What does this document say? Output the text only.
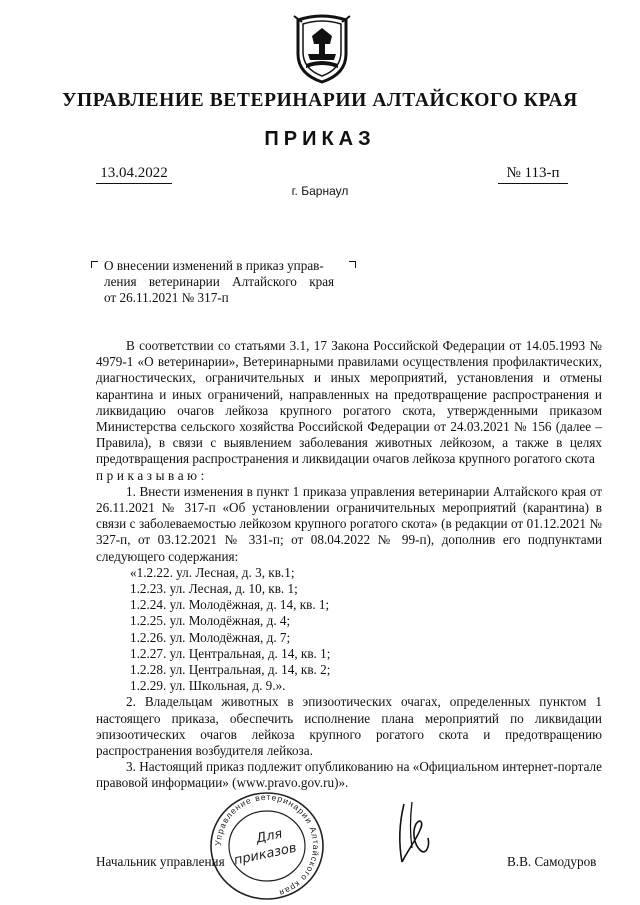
УПРАВЛЕНИЕ ВЕТЕРИНАРИИ АЛТАЙСКОГО КРАЯ
ПРИКАЗ
13.04.2022	№ 113-п
г. Барнаул
О внесении изменений в приказ управ-
ления ветеринарии Алтайского края
от 26.11.2021 № 317-п

В соответствии со статьями 3.1, 17 Закона Российской Федерации от 14.05.1993 № 4979-1 «О ветеринарии», Ветеринарными правилами осуществления профилактических, диагностических, ограничительных и иных мероприятий, установления и отмены карантина и иных ограничений, направленных на предотвращение распространения и ликвидацию очагов лейкоза крупного рогатого скота, утвержденными приказом Министерства сельского хозяйства Российской Федерации от 24.03.2021 № 156 (далее – Правила), в связи с выявлением заболевания животных лейкозом, а также в целях предотвращения распространения и ликвидации очагов лейкоза крупного рогатого скота

приказываю:

1. Внести изменения в пункт 1 приказа управления ветеринарии Алтайского края от 26.11.2021 № 317-п «Об установлении ограничительных мероприятий (карантина) в связи с заболеваемостью лейкозом крупного рогатого скота» (в редакции от 01.12.2021 № 327-п, от 03.12.2021 № 331-п; от 08.04.2022 № 99-п), дополнив его подпунктами следующего содержания:

«1.2.22. ул. Лесная, д. 3, кв.1;
1.2.23. ул. Лесная, д. 10, кв. 1;
1.2.24. ул. Молодёжная, д. 14, кв. 1;
1.2.25. ул. Молодёжная, д. 4;
1.2.26. ул. Молодёжная, д. 7;
1.2.27. ул. Центральная, д. 14, кв. 1;
1.2.28. ул. Центральная, д. 14, кв. 2;
1.2.29. ул. Школьная, д. 9.».

2. Владельцам животных в эпизоотических очагах, определенных пунктом 1 настоящего приказа, обеспечить исполнение плана мероприятий по ликвидации эпизоотических очагов лейкоза крупного рогатого скота и предотвращению распространения возбудителя лейкоза.

3. Настоящий приказ подлежит опубликованию на «Официальном интернет-портале правовой информации» (www.pravo.gov.ru)».

Управление ветеринарии Алтайского края
Для
приказов
Начальник управления	В.В. Самодуров
